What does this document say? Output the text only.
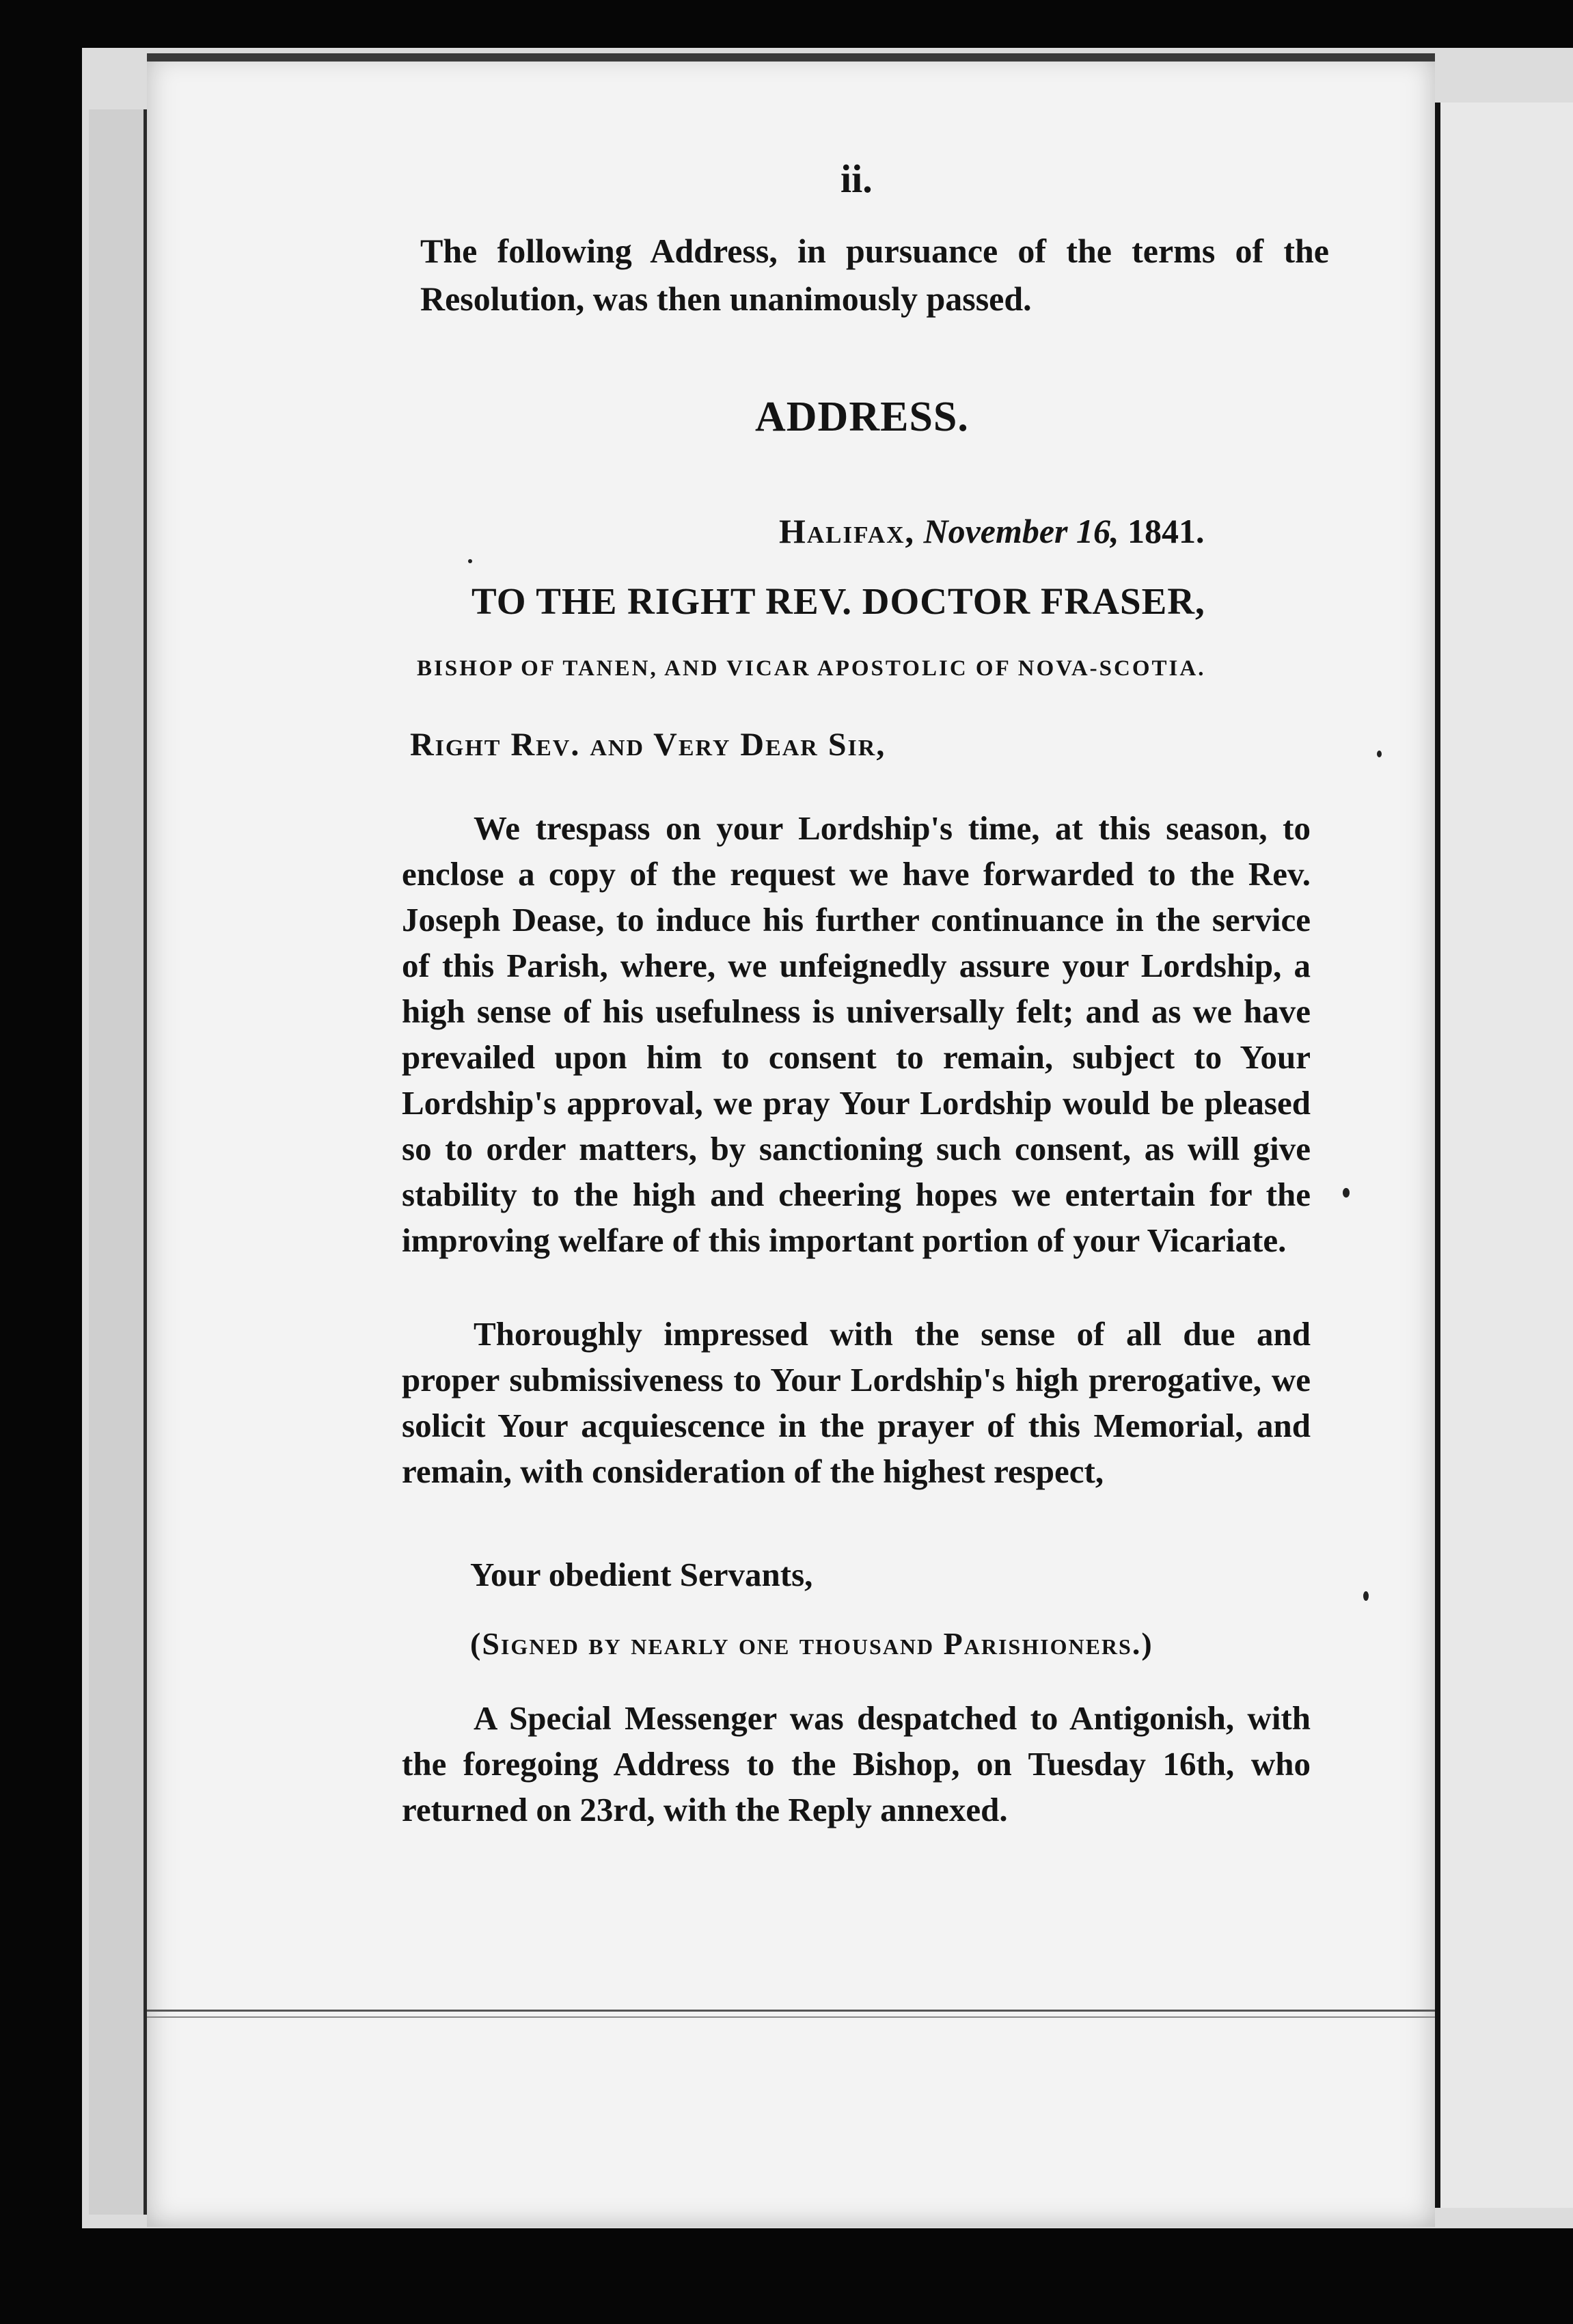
ii.
The following Address, in pursuance of the terms of the Resolution, was then unanimously passed.
ADDRESS.
Halifax, November 16, 1841.
TO THE RIGHT REV. DOCTOR FRASER,
BISHOP OF TANEN, AND VICAR APOSTOLIC OF NOVA-SCOTIA.
Right Rev. and Very Dear Sir,
We trespass on your Lordship's time, at this season, to enclose a copy of the request we have forwarded to the Rev. Joseph Dease, to induce his further continuance in the service of this Parish, where, we unfeignedly assure your Lordship, a high sense of his usefulness is universally felt; and as we have prevailed upon him to consent to remain, subject to Your Lordship's approval, we pray Your Lordship would be pleased so to order matters, by sanctioning such consent, as will give stability to the high and cheering hopes we entertain for the improving welfare of this important portion of your Vicariate.
Thoroughly impressed with the sense of all due and proper submissiveness to Your Lordship's high prerogative, we solicit Your acquiescence in the prayer of this Memorial, and remain, with consideration of the highest respect,
Your obedient Servants,
(Signed by nearly one thousand Parishioners.)
A Special Messenger was despatched to Antigonish, with the foregoing Address to the Bishop, on Tuesday 16th, who returned on 23rd, with the Reply annexed.
